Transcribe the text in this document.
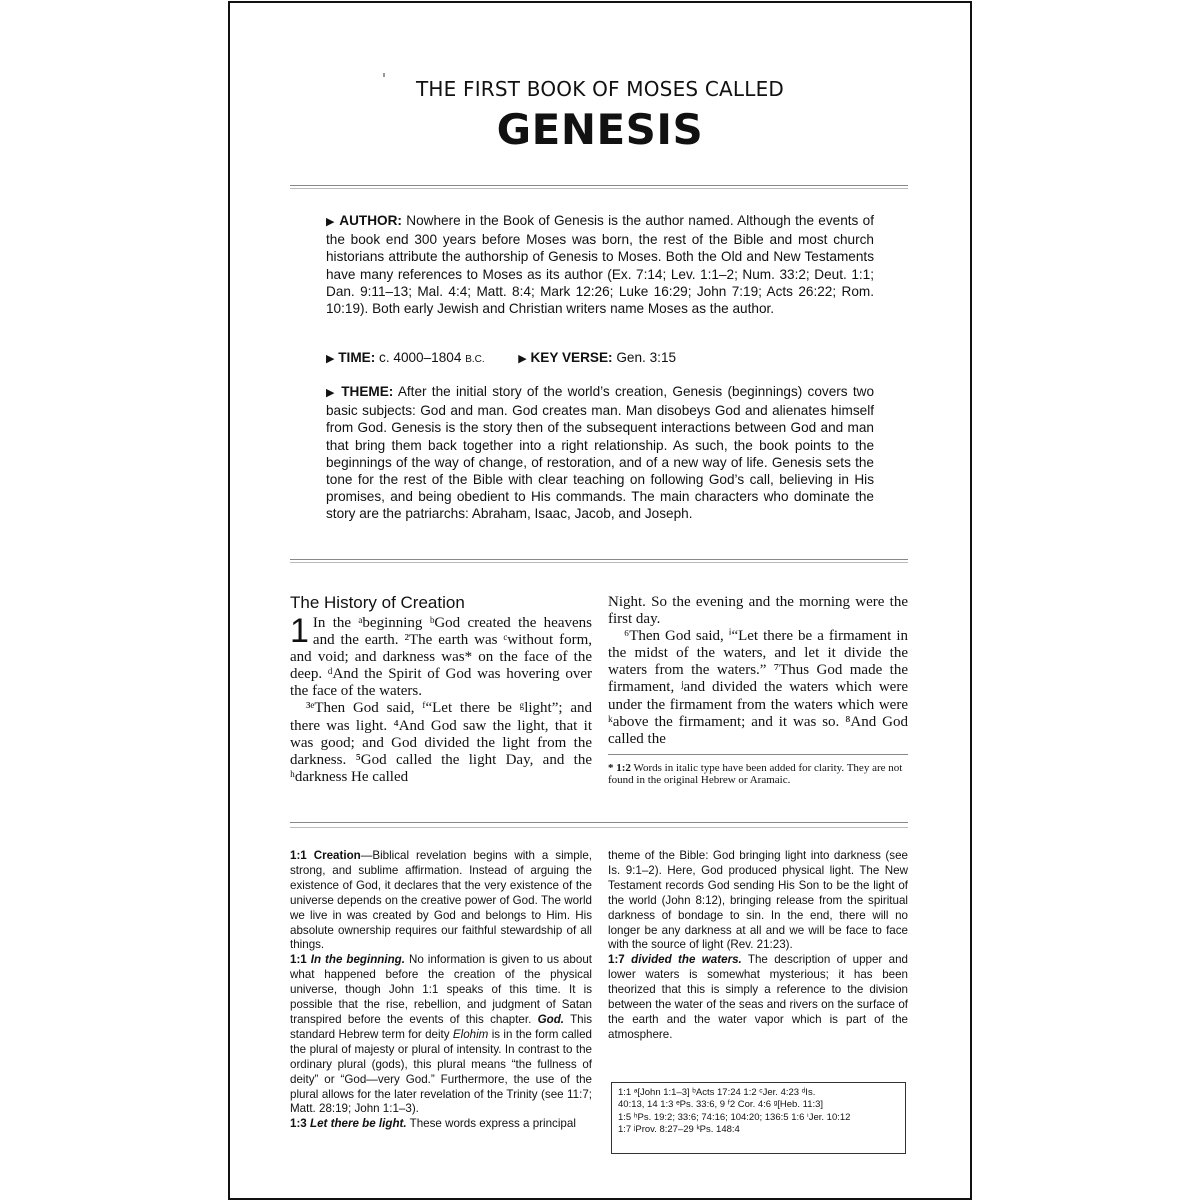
THE FIRST BOOK OF MOSES CALLED
GENESIS
▶ AUTHOR: Nowhere in the Book of Genesis is the author named. Although the events of the book end 300 years before Moses was born, the rest of the Bible and most church historians attribute the authorship of Genesis to Moses. Both the Old and New Testaments have many references to Moses as its author (Ex. 7:14; Lev. 1:1–2; Num. 33:2; Deut. 1:1; Dan. 9:11–13; Mal. 4:4; Matt. 8:4; Mark 12:26; Luke 16:29; John 7:19; Acts 26:22; Rom. 10:19). Both early Jewish and Christian writers name Moses as the author.
▶ TIME: c. 4000–1804 B.C.	▶ KEY VERSE: Gen. 3:15
▶ THEME: After the initial story of the world’s creation, Genesis (beginnings) covers two basic subjects: God and man. God creates man. Man disobeys God and alienates himself from God. Genesis is the story then of the subsequent interactions between God and man that bring them back together into a right relationship. As such, the book points to the beginnings of the way of change, of restoration, and of a new way of life. Genesis sets the tone for the rest of the Bible with clear teaching on following God’s call, believing in His promises, and being obedient to His commands. The main characters who dominate the story are the patriarchs: Abraham, Isaac, Jacob, and Joseph.
The History of Creation
1 In the ᵃbeginning ᵇGod created the heavens and the earth. ²The earth was ᶜwithout form, and void; and darkness was* on the face of the deep. ᵈAnd the Spirit of God was hovering over the face of the waters.
³ᵉThen God said, ᶠ“Let there be ᵍlight”; and there was light. ⁴And God saw the light, that it was good; and God divided the light from the darkness. ⁵God called the light Day, and the ʰdarkness He called
Night. So the evening and the morning were the first day.
⁶Then God said, ⁱ“Let there be a firmament in the midst of the waters, and let it divide the waters from the waters.” ⁷Thus God made the firmament, ʲand divided the waters which were under the firmament from the waters which were ᵏabove the firmament; and it was so. ⁸And God called the
* 1:2 Words in italic type have been added for clarity. They are not found in the original Hebrew or Aramaic.
1:1 Creation—Biblical revelation begins with a simple, strong, and sublime affirmation. Instead of arguing the existence of God, it declares that the very existence of the universe depends on the creative power of God. The world we live in was created by God and belongs to Him. His absolute ownership requires our faithful stewardship of all things.
1:1 In the beginning. No information is given to us about what happened before the creation of the physical universe, though John 1:1 speaks of this time. It is possible that the rise, rebellion, and judgment of Satan transpired before the events of this chapter. God. This standard Hebrew term for deity Elohim is in the form called the plural of majesty or plural of intensity. In contrast to the ordinary plural (gods), this plural means “the fullness of deity” or “God—very God.” Furthermore, the use of the plural allows for the later revelation of the Trinity (see 11:7; Matt. 28:19; John 1:1–3).
1:3 Let there be light. These words express a principal
theme of the Bible: God bringing light into darkness (see Is. 9:1–2). Here, God produced physical light. The New Testament records God sending His Son to be the light of the world (John 8:12), bringing release from the spiritual darkness of bondage to sin. In the end, there will no longer be any darkness at all and we will be face to face with the source of light (Rev. 21:23).
1:7 divided the waters. The description of upper and lower waters is somewhat mysterious; it has been theorized that this is simply a reference to the division between the water of the seas and rivers on the surface of the earth and the water vapor which is part of the atmosphere.
1:1 ᵃ[John 1:1–3] ᵇActs 17:24 1:2 ᶜJer. 4:23 ᵈIs.
40:13, 14 1:3 ᵉPs. 33:6, 9 ᶠ2 Cor. 4:6 ᵍ[Heb. 11:3]
1:5 ʰPs. 19:2; 33:6; 74:16; 104:20; 136:5 1:6 ⁱJer. 10:12
1:7 ʲProv. 8:27–29 ᵏPs. 148:4
